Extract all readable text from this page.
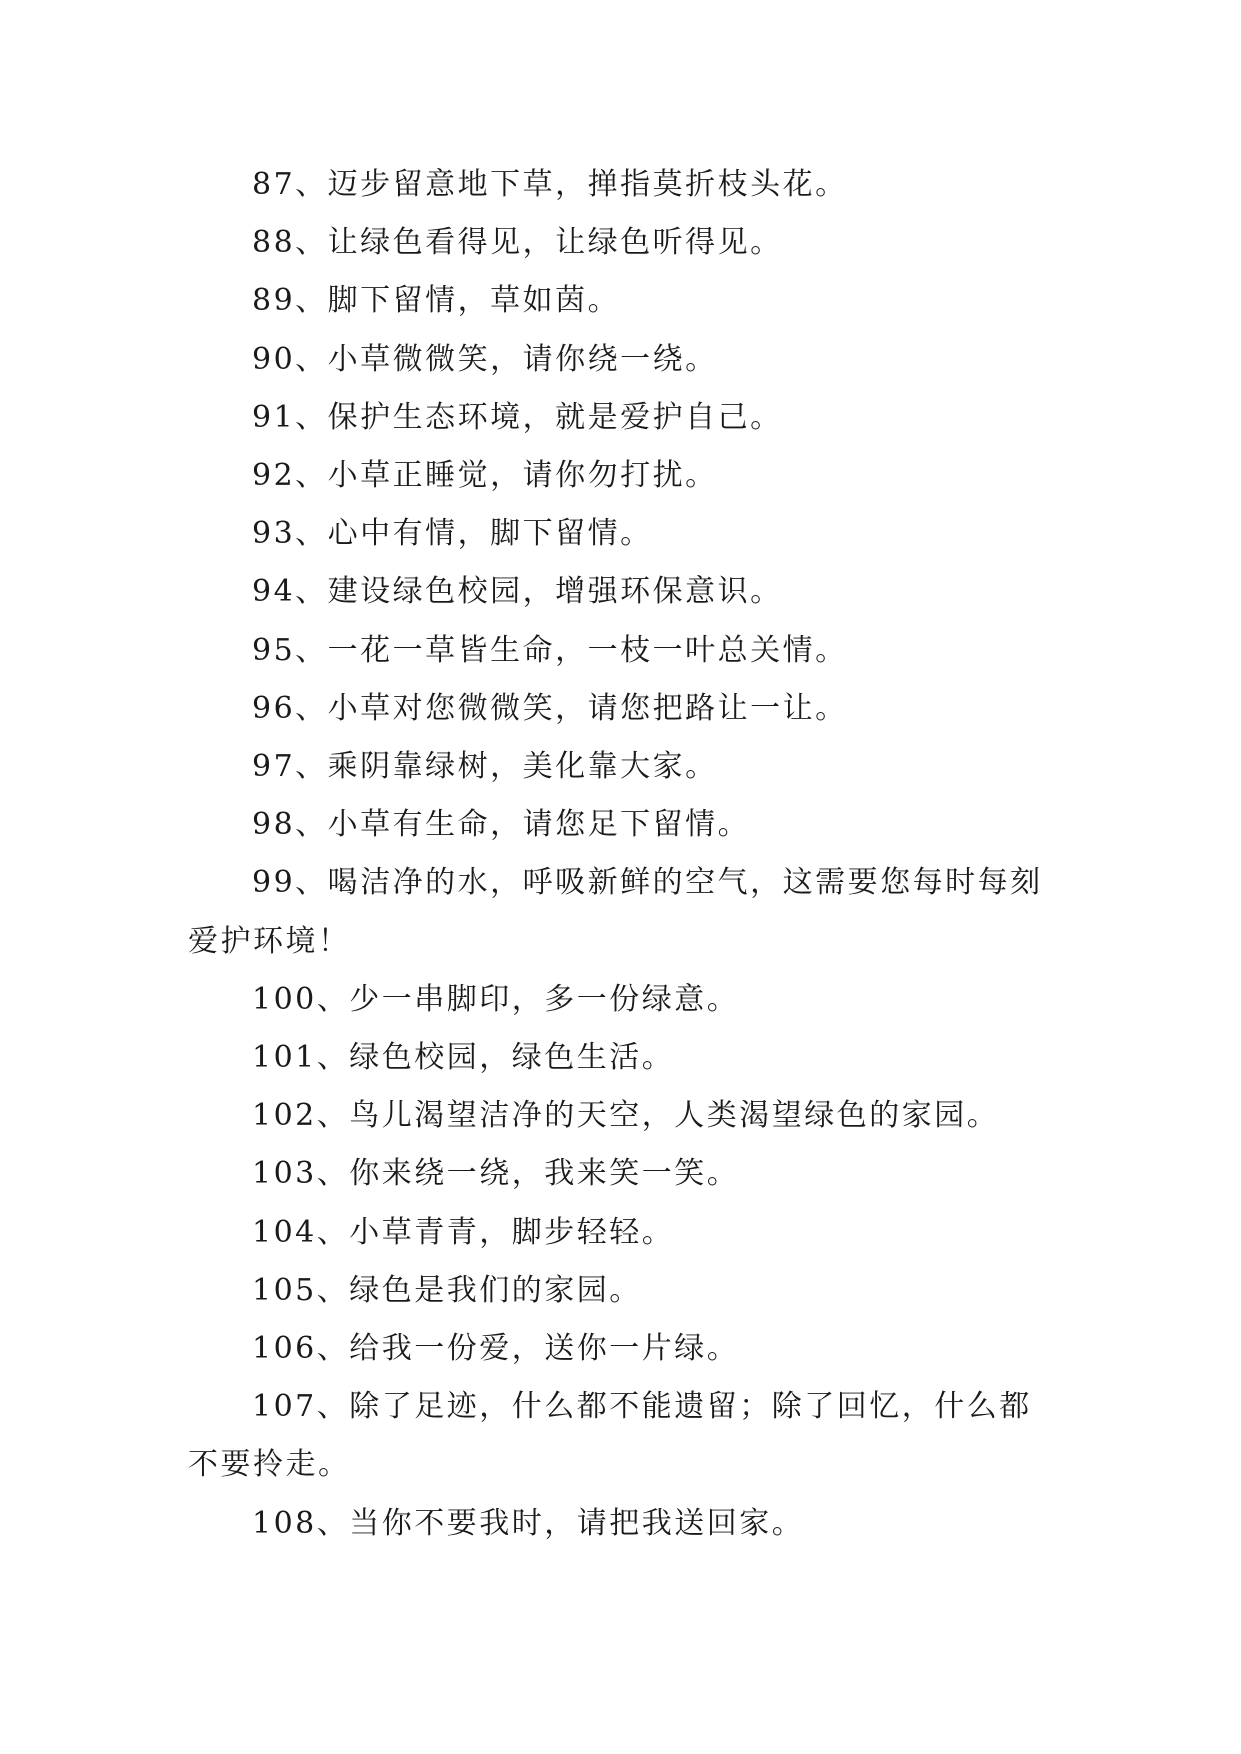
87、迈步留意地下草，掸指莫折枝头花。

88、让绿色看得见，让绿色听得见。

89、脚下留情，草如茵。

90、小草微微笑，请你绕一绕。

91、保护生态环境，就是爱护自己。

92、小草正睡觉，请你勿打扰。

93、心中有情，脚下留情。

94、建设绿色校园，增强环保意识。

95、一花一草皆生命，一枝一叶总关情。

96、小草对您微微笑，请您把路让一让。

97、乘阴靠绿树，美化靠大家。

98、小草有生命，请您足下留情。

99、喝洁净的水，呼吸新鲜的空气，这需要您每时每刻爱护环境！

100、少一串脚印，多一份绿意。

101、绿色校园，绿色生活。

102、鸟儿渴望洁净的天空，人类渴望绿色的家园。

103、你来绕一绕，我来笑一笑。

104、小草青青，脚步轻轻。

105、绿色是我们的家园。

106、给我一份爱，送你一片绿。

107、除了足迹，什么都不能遗留；除了回忆，什么都不要拎走。

108、当你不要我时，请把我送回家。
